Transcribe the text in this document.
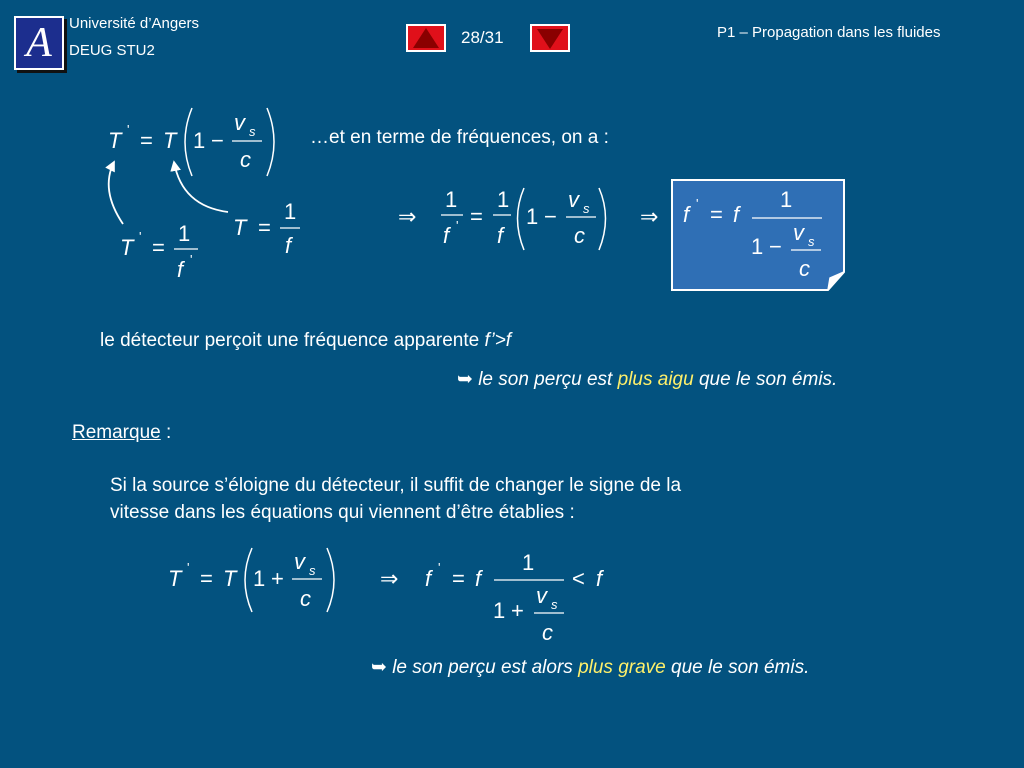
A	Université d’Angers
DEUG STU2
28/31	P1 – Propagation dans les fluides
T ' = T 1 −
v s
c
T ' =
1
f '
T =
1
f
⇒
1
f ' =
1
f
1 −
v s
c
⇒ f ' = f
1
1 −
v s
c
T ' = T 1 +
v s
c
⇒ f ' = f
1
1 +
v s
c
< f
…et en terme de fréquences, on a :
le détecteur perçoit une fréquence apparente f’>f
➥ le son perçu est plus aigu que le son émis.
Remarque :
Si la source s’éloigne du détecteur, il suffit de changer le signe de la
vitesse dans les équations qui viennent d’être établies :
➥ le son perçu est alors plus grave que le son émis.
